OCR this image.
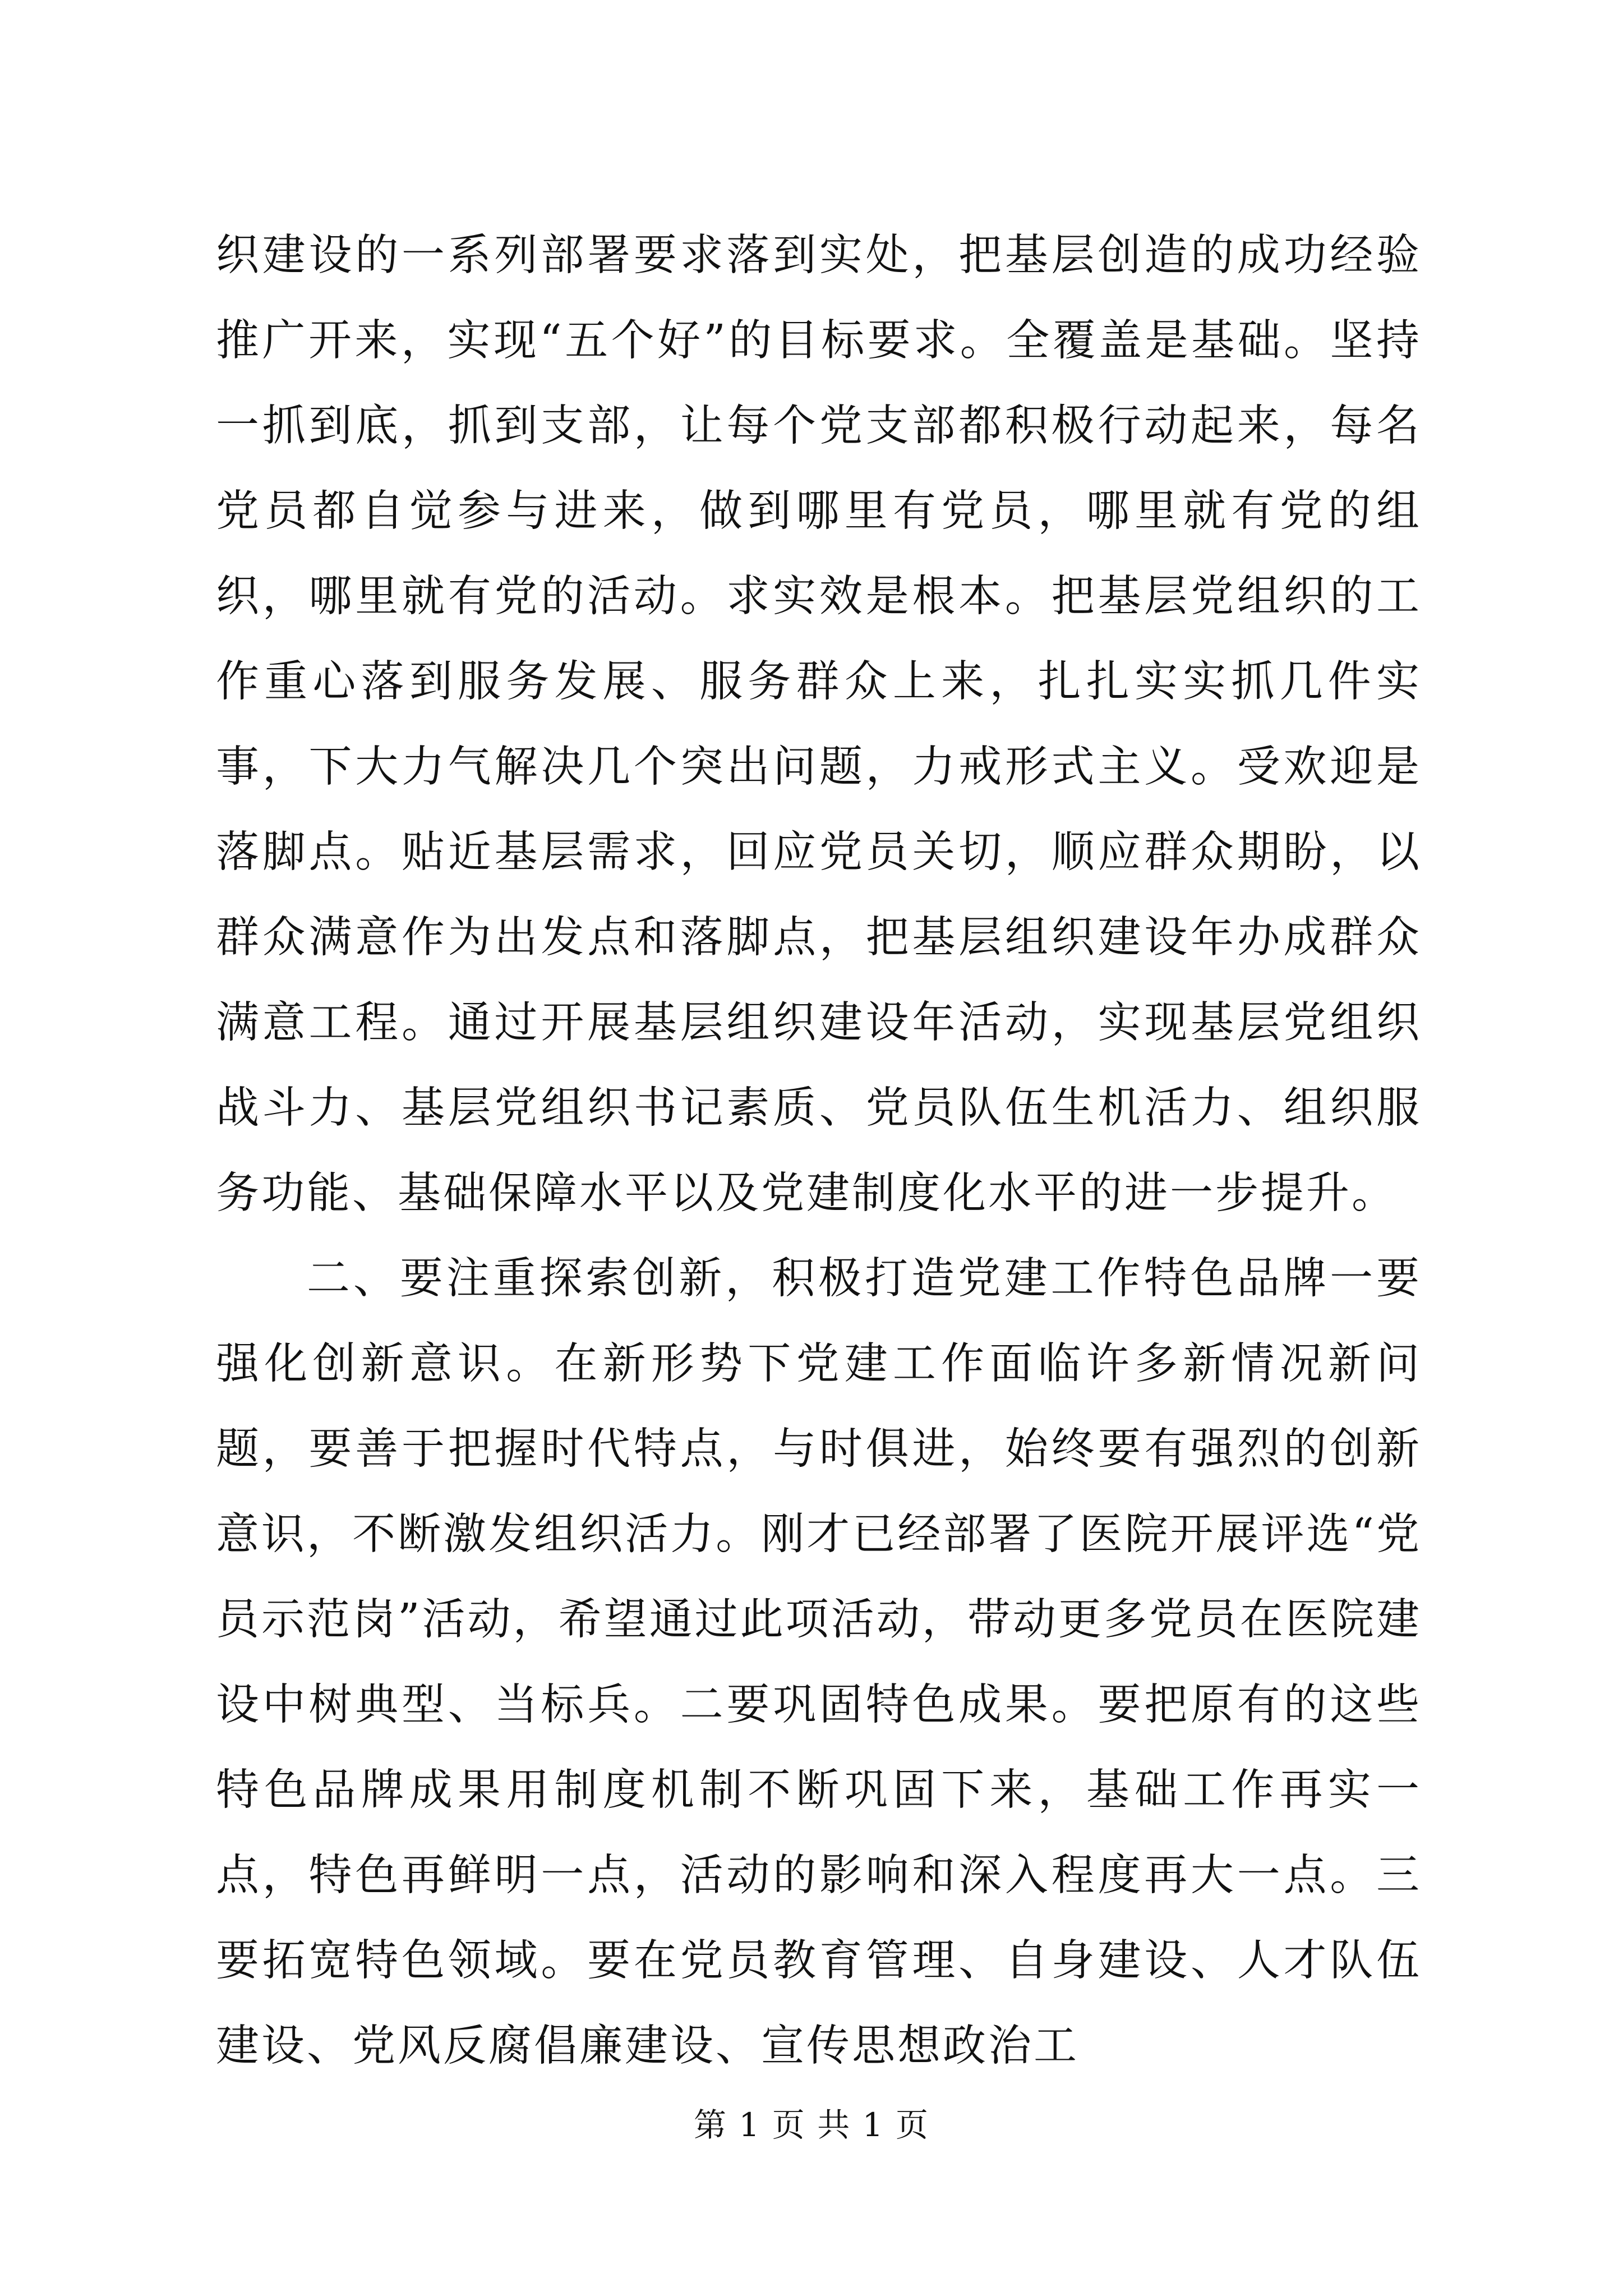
织建设的一系列部署要求落到实处，把基层创造的成功经验推广开来，实现“五个好”的目标要求。全覆盖是基础。坚持一抓到底，抓到支部，让每个党支部都积极行动起来，每名党员都自觉参与进来，做到哪里有党员，哪里就有党的组织，哪里就有党的活动。求实效是根本。把基层党组织的工作重心落到服务发展、服务群众上来，扎扎实实抓几件实事，下大力气解决几个突出问题，力戒形式主义。受欢迎是落脚点。贴近基层需求，回应党员关切，顺应群众期盼，以群众满意作为出发点和落脚点，把基层组织建设年办成群众满意工程。通过开展基层组织建设年活动，实现基层党组织战斗力、基层党组织书记素质、党员队伍生机活力、组织服务功能、基础保障水平以及党建制度化水平的进一步提升。

二、要注重探索创新，积极打造党建工作特色品牌一要强化创新意识。在新形势下党建工作面临许多新情况新问题，要善于把握时代特点，与时俱进，始终要有强烈的创新意识，不断激发组织活力。刚才已经部署了医院开展评选“党员示范岗”活动，希望通过此项活动，带动更多党员在医院建设中树典型、当标兵。二要巩固特色成果。要把原有的这些特色品牌成果用制度机制不断巩固下来，基础工作再实一点，特色再鲜明一点，活动的影响和深入程度再大一点。三要拓宽特色领域。要在党员教育管理、自身建设、人才队伍建设、党风反腐倡廉建设、宣传思想政治工

第 1 页 共 1 页
